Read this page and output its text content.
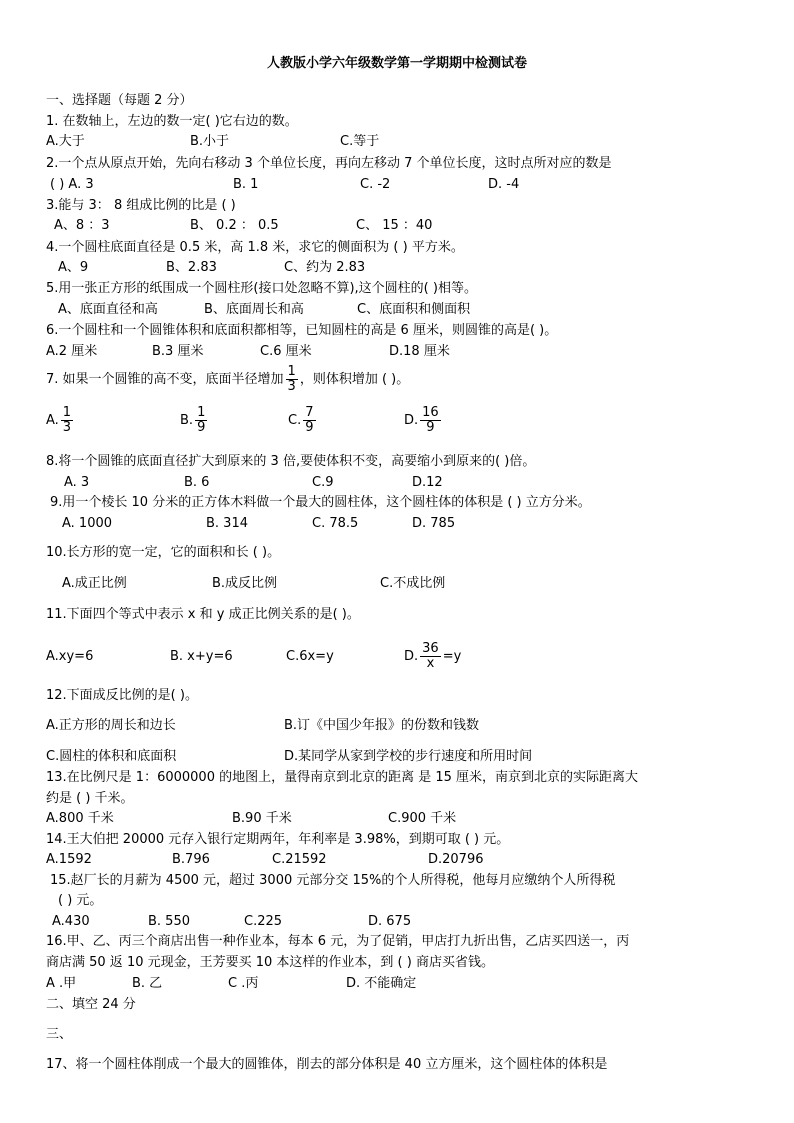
人教版小学六年级数学第一学期期中检测试卷
一、选择题（每题 2 分）
1. 在数轴上，左边的数一定( )它右边的数。
A.大于	B.小于	C.等于
2.一个点从原点开始，先向右移动 3 个单位长度，再向左移动 7 个单位长度，这时点所对应的数是
( ) A. 3	B. 1	C. -2	D. -4
3.能与 3： 8 组成比例的比是 ( )
A、8 ：3	B、 0.2 ： 0.5	C、 15 ：40
4.一个圆柱底面直径是 0.5 米，高 1.8 米，求它的侧面积为 ( ) 平方米。
A、9	B、2.83	C、约为 2.83
5.用一张正方形的纸围成一个圆柱形(接口处忽略不算),这个圆柱的( )相等。
A、底面直径和高	B、底面周长和高	C、底面积和侧面积
6.一个圆柱和一个圆锥体积和底面积都相等，已知圆柱的高是 6 厘米，则圆锥的高是( )。
A.2 厘米	B.3 厘米	C.6 厘米	D.18 厘米
7. 如果一个圆锥的高不变，底面半径增加 $\frac{1}{3}$ ，则体积增加 ( )。
A. $\frac{1}{3}$	B. $\frac{1}{9}$	C. $\frac{7}{9}$	D. $\frac{16}{9}$
8.将一个圆锥的底面直径扩大到原来的 3 倍,要使体积不变，高要缩小到原来的( )倍。
A. 3	B. 6	C.9	D.12
9.用一个棱长 10 分米的正方体木料做一个最大的圆柱体，这个圆柱体的体积是 ( ) 立方分米。
A. 1000	B. 314	C. 78.5	D. 785
10.长方形的宽一定，它的面积和长 ( )。
A.成正比例	B.成反比例	C.不成比例
11.下面四个等式中表示 x 和 y 成正比例关系的是( )。
A.xy=6	B. x+y=6	C.6x=y	D. $\frac{36}{x} =y$
12.下面成反比例的是( )。
A.正方形的周长和边长	B.订《中国少年报》的份数和钱数
C.圆柱的体积和底面积	D.某同学从家到学校的步行速度和所用时间
13.在比例尺是 1：6000000 的地图上，量得南京到北京的距离 是 15 厘米，南京到北京的实际距离大
约是 ( ) 千米。
A.800 千米	B.90 千米	C.900 千米
14.王大伯把 20000 元存入银行定期两年，年利率是 3.98%，到期可取 ( ) 元。
A.1592	B.796	C.21592	D.20796
15.赵厂长的月薪为 4500 元，超过 3000 元部分交 15%的个人所得税，他每月应缴纳个人所得税
( ) 元。
A.430	B. 550	C.225	D. 675
16.甲、乙、丙三个商店出售一种作业本，每本 6 元，为了促销，甲店打九折出售，乙店买四送一，丙
商店满 50 返 10 元现金，王芳要买 10 本这样的作业本，到 ( ) 商店买省钱。
A .甲	B. 乙	C .丙	D. 不能确定
二、填空 24 分
三、
17、将一个圆柱体削成一个最大的圆锥体，削去的部分体积是 40 立方厘米，这个圆柱体的体积是
